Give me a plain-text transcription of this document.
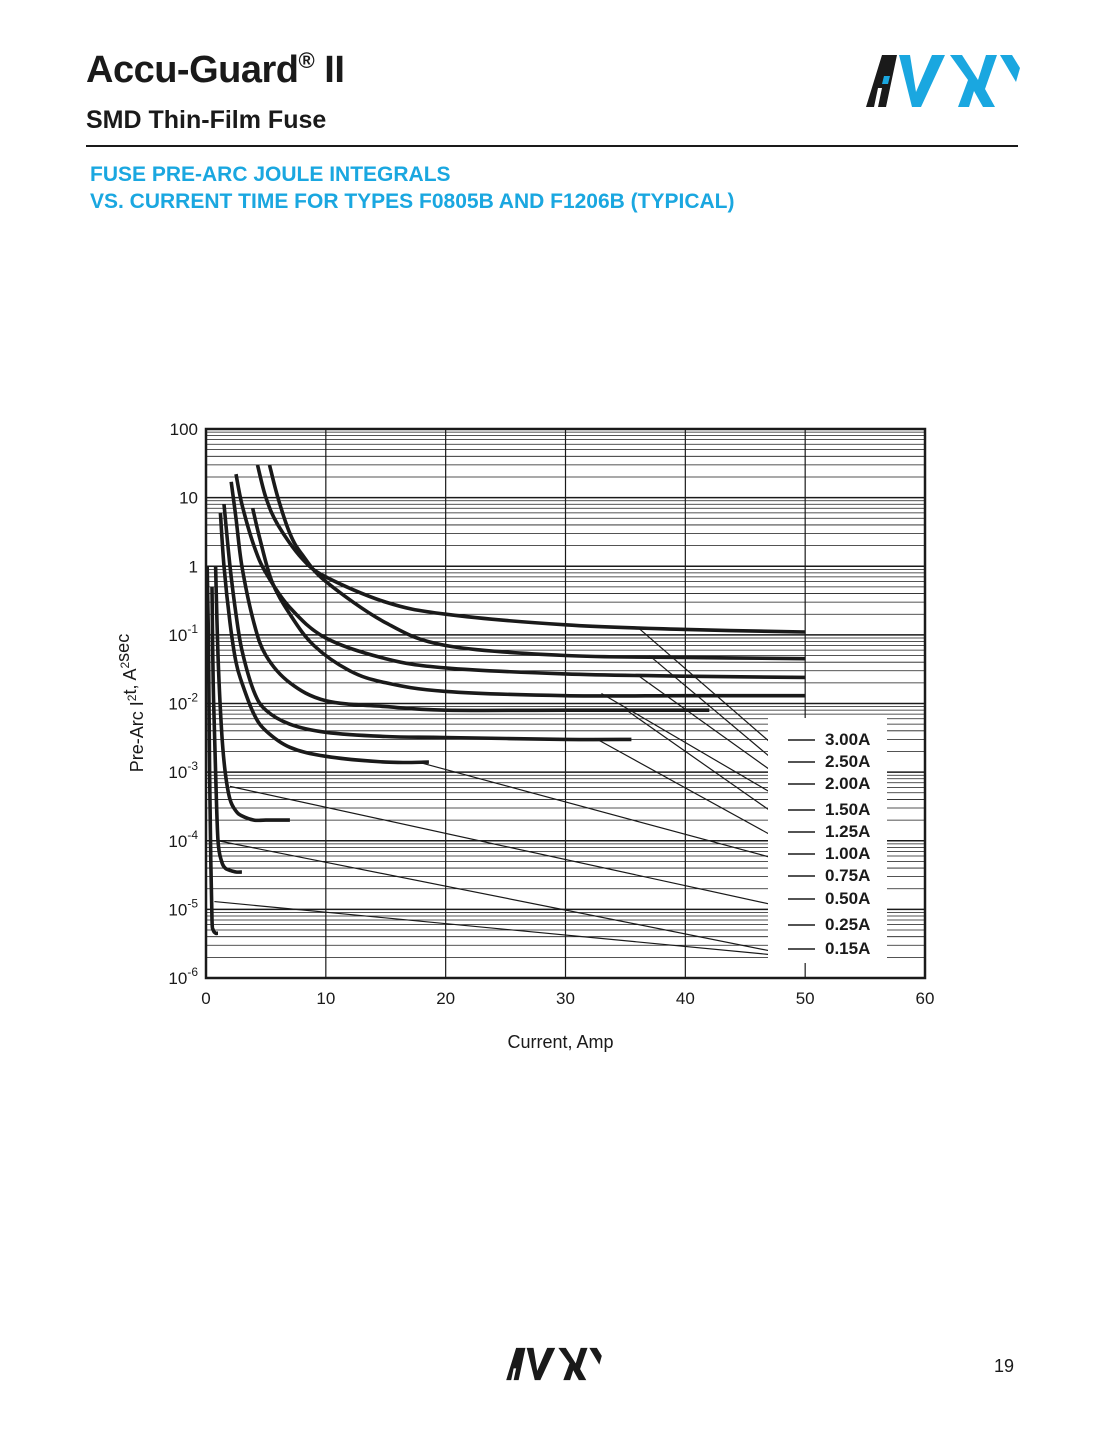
Accu-Guard® II
SMD Thin-Film Fuse
FUSE PRE-ARC JOULE INTEGRALS
VS. CURRENT TIME FOR TYPES F0805B AND F1206B (TYPICAL)
3.00A
2.50A
2.00A
1.50A
1.25A
1.00A
0.75A
0.50A
0.25A
0.15A
0	10	20	30	40	50	60
100
10
1
$10^{-1}$
$10^{-2}$
$10^{-3}$
$10^{-4}$
$10^{-5}$
$10^{-6}$
Current, Amp
Pre-Arc $I^2t$, $A^2\sec$
19
